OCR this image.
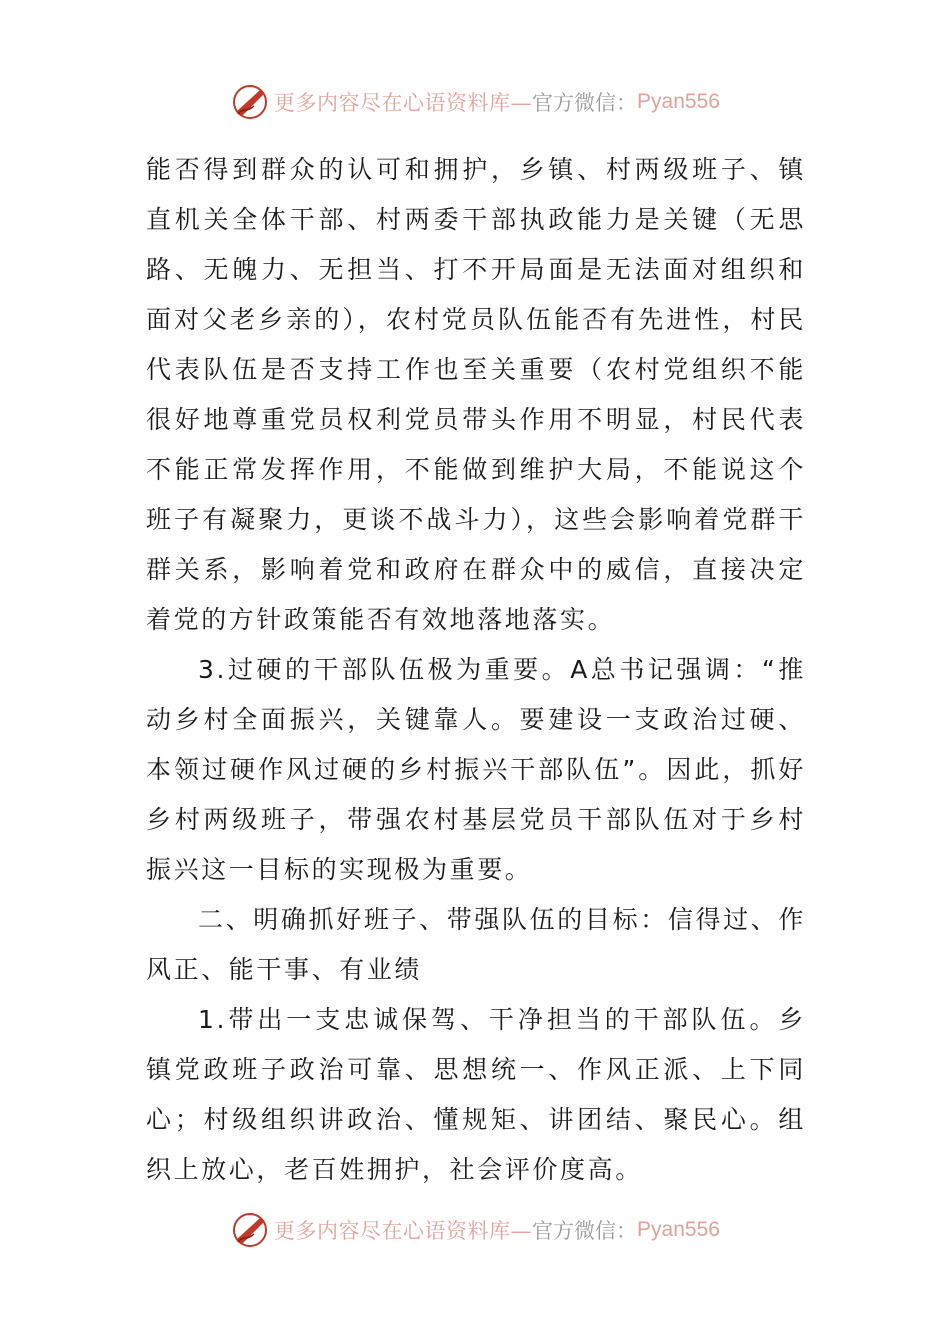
更多内容尽在心语资料库— 官方微信： Pyan556

能否得到群众的认可和拥护，乡镇、村两级班子、镇直机关全体干部、村两委干部执政能力是关键（无思路、无魄力、无担当、打不开局面是无法面对组织和面对父老乡亲的），农村党员队伍能否有先进性，村民代表队伍是否支持工作也至关重要（农村党组织不能很好地尊重党员权利党员带头作用不明显，村民代表不能正常发挥作用，不能做到维护大局，不能说这个班子有凝聚力，更谈不战斗力），这些会影响着党群干群关系，影响着党和政府在群众中的威信，直接决定着党的方针政策能否有效地落地落实。

3.过硬的干部队伍极为重要。A总书记强调：“推动乡村全面振兴，关键靠人。要建设一支政治过硬、本领过硬作风过硬的乡村振兴干部队伍”。因此，抓好乡村两级班子，带强农村基层党员干部队伍对于乡村振兴这一目标的实现极为重要。

二、明确抓好班子、带强队伍的目标：信得过、作风正、能干事、有业绩

1.带出一支忠诚保驾、干净担当的干部队伍。乡镇党政班子政治可靠、思想统一、作风正派、上下同心；村级组织讲政治、懂规矩、讲团结、聚民心。组织上放心，老百姓拥护，社会评价度高。

更多内容尽在心语资料库— 官方微信： Pyan556
